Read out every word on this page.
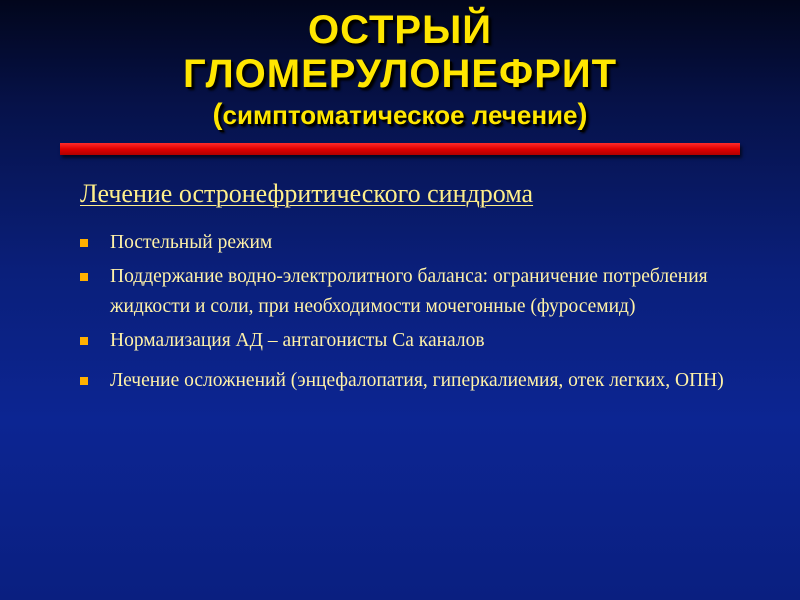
ОСТРЫЙ
ГЛОМЕРУЛОНЕФРИТ
(симптоматическое лечение)
Лечение остронефритического синдрома
Постельный режим
Поддержание водно-электролитного баланса: ограничение потребления жидкости и соли, при необходимости мочегонные (фуросемид)
Нормализация АД – антагонисты Са каналов
Лечение осложнений (энцефалопатия, гиперкалиемия, отек легких, ОПН)
